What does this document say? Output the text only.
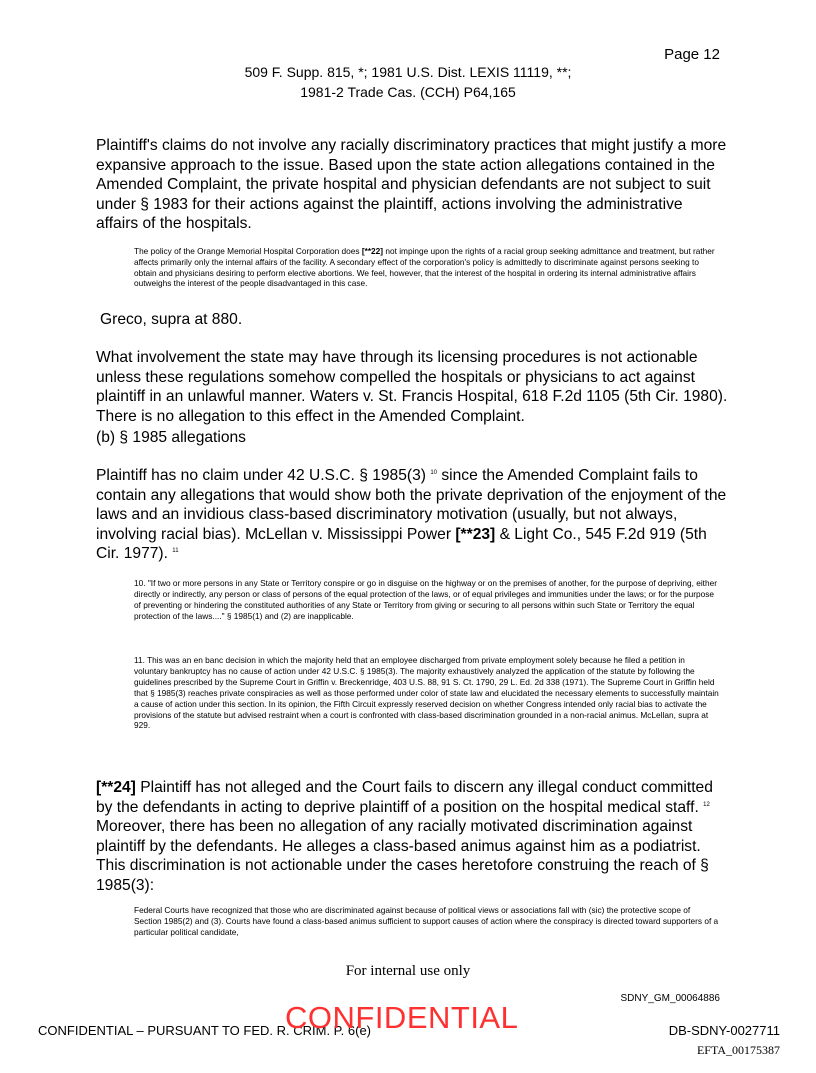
Page 12
509 F. Supp. 815, *; 1981 U.S. Dist. LEXIS 11119, **;
1981-2 Trade Cas. (CCH) P64,165

Plaintiff's claims do not involve any racially discriminatory practices that might justify a more expansive approach to the issue. Based upon the state action allegations contained in the Amended Complaint, the private hospital and physician defendants are not subject to suit under § 1983 for their actions against the plaintiff, actions involving the administrative affairs of the hospitals.

The policy of the Orange Memorial Hospital Corporation does [**22] not impinge upon the rights of a racial group seeking admittance and treatment, but rather affects primarily only the internal affairs of the facility. A secondary effect of the corporation's policy is admittedly to discriminate against persons seeking to obtain and physicians desiring to perform elective abortions. We feel, however, that the interest of the hospital in ordering its internal administrative affairs outweighs the interest of the people disadvantaged in this case.

Greco, supra at 880.

What involvement the state may have through its licensing procedures is not actionable unless these regulations somehow compelled the hospitals or physicians to act against plaintiff in an unlawful manner. Waters v. St. Francis Hospital, 618 F.2d 1105 (5th Cir. 1980). There is no allegation to this effect in the Amended Complaint.

(b) § 1985 allegations

Plaintiff has no claim under 42 U.S.C. § 1985(3) $^{10}$ since the Amended Complaint fails to contain any allegations that would show both the private deprivation of the enjoyment of the laws and an invidious class-based discriminatory motivation (usually, but not always, involving racial bias). McLellan v. Mississippi Power [**23] & Light Co., 545 F.2d 919 (5th Cir. 1977). $^{11}$

10. "If two or more persons in any State or Territory conspire or go in disguise on the highway or on the premises of another, for the purpose of depriving, either directly or indirectly, any person or class of persons of the equal protection of the laws, or of equal privileges and immunities under the laws; or for the purpose of preventing or hindering the constituted authorities of any State or Territory from giving or securing to all persons within such State or Territory the equal protection of the laws...." § 1985(1) and (2) are inapplicable.

11. This was an en banc decision in which the majority held that an employee discharged from private employment solely because he filed a petition in voluntary bankruptcy has no cause of action under 42 U.S.C. § 1985(3). The majority exhaustively analyzed the application of the statute by following the guidelines prescribed by the Supreme Court in Griffin v. Breckenridge, 403 U.S. 88, 91 S. Ct. 1790, 29 L. Ed. 2d 338 (1971). The Supreme Court in Griffin held that § 1985(3) reaches private conspiracies as well as those performed under color of state law and elucidated the necessary elements to successfully maintain a cause of action under this section. In its opinion, the Fifth Circuit expressly reserved decision on whether Congress intended only racial bias to activate the provisions of the statute but advised restraint when a court is confronted with class-based discrimination grounded in a non-racial animus. McLellan, supra at 929.

[**24] Plaintiff has not alleged and the Court fails to discern any illegal conduct committed by the defendants in acting to deprive plaintiff of a position on the hospital medical staff. $^{12}$ Moreover, there has been no allegation of any racially motivated discrimination against plaintiff by the defendants. He alleges a class-based animus against him as a podiatrist. This discrimination is not actionable under the cases heretofore construing the reach of § 1985(3):

Federal Courts have recognized that those who are discriminated against because of political views or associations fall with (sic) the protective scope of Section 1985(2) and (3). Courts have found a class-based animus sufficient to support causes of action where the conspiracy is directed toward supporters of a particular political candidate,

For internal use only
SDNY_GM_00064886
CONFIDENTIAL – PURSUANT TO FED. R. CRIM. P. 6(e)
CONFIDENTIAL	DB-SDNY-0027711
EFTA_00175387
